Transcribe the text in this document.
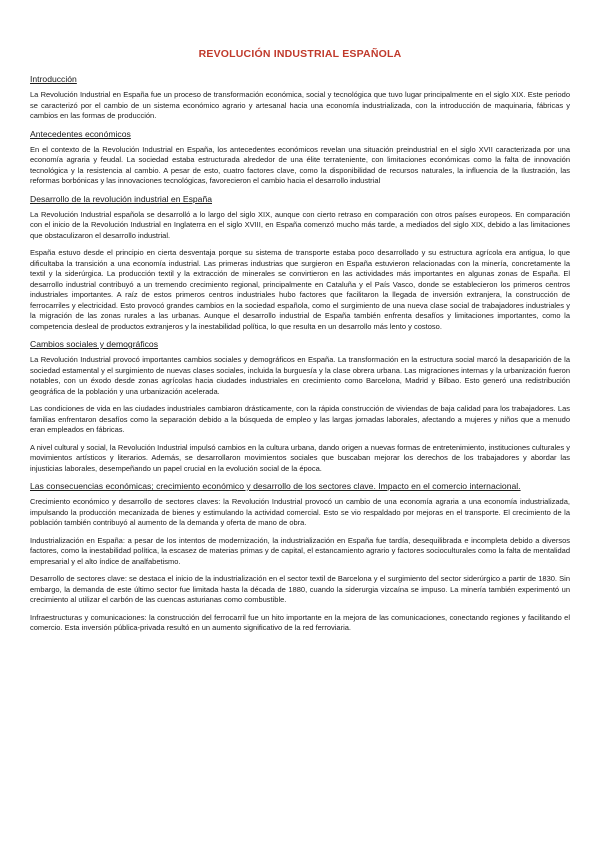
REVOLUCIÓN INDUSTRIAL ESPAÑOLA
Introducción

La Revolución Industrial en España fue un proceso de transformación económica, social y tecnológica que tuvo lugar principalmente en el siglo XIX. Este periodo se caracterizó por el cambio de un sistema económico agrario y artesanal hacia una economía industrializada, con la introducción de maquinaria, fábricas y cambios en las formas de producción.

Antecedentes económicos

En el contexto de la Revolución Industrial en España, los antecedentes económicos revelan una situación preindustrial en el siglo XVII caracterizada por una economía agraria y feudal. La sociedad estaba estructurada alrededor de una élite terrateniente, con limitaciones económicas como la falta de innovación tecnológica y la resistencia al cambio. A pesar de esto, cuatro factores clave, como la disponibilidad de recursos naturales, la influencia de la Ilustración, las reformas borbónicas y las innovaciones tecnológicas, favorecieron el cambio hacia el desarrollo industrial

Desarrollo de la revolución industrial en España

La Revolución Industrial española se desarrolló a lo largo del siglo XIX, aunque con cierto retraso en comparación con otros países europeos. En comparación con el inicio de la Revolución Industrial en Inglaterra en el siglo XVIII, en España comenzó mucho más tarde, a mediados del siglo XIX, debido a las limitaciones que obstaculizaron el desarrollo industrial.

España estuvo desde el principio en cierta desventaja porque su sistema de transporte estaba poco desarrollado y su estructura agrícola era antigua, lo que dificultaba la transición a una economía industrial. Las primeras industrias que surgieron en España estuvieron relacionadas con la minería, concretamente la textil y la siderúrgica. La producción textil y la extracción de minerales se convirtieron en las actividades más importantes en algunas zonas de España. El desarrollo industrial contribuyó a un tremendo crecimiento regional, principalmente en Cataluña y el País Vasco, donde se establecieron los primeros centros industriales importantes. A raíz de estos primeros centros industriales hubo factores que facilitaron la llegada de inversión extranjera, la construcción de ferrocarriles y electricidad. Esto provocó grandes cambios en la sociedad española, como el surgimiento de una nueva clase social de trabajadores industriales y la migración de las zonas rurales a las urbanas. Aunque el desarrollo industrial de España también enfrenta desafíos y limitaciones importantes, como la competencia desleal de productos extranjeros y la inestabilidad política, lo que resulta en un desarrollo más lento y costoso.

Cambios sociales y demográficos

La Revolución Industrial provocó importantes cambios sociales y demográficos en España. La transformación en la estructura social marcó la desaparición de la sociedad estamental y el surgimiento de nuevas clases sociales, incluida la burguesía y la clase obrera urbana. Las migraciones internas y la urbanización fueron notables, con un éxodo desde zonas agrícolas hacia ciudades industriales en crecimiento como Barcelona, Madrid y Bilbao. Esto generó una redistribución geográfica de la población y una urbanización acelerada.

Las condiciones de vida en las ciudades industriales cambiaron drásticamente, con la rápida construcción de viviendas de baja calidad para los trabajadores. Las familias enfrentaron desafíos como la separación debido a la búsqueda de empleo y las largas jornadas laborales, afectando a mujeres y niños que a menudo eran empleados en fábricas.

A nivel cultural y social, la Revolución Industrial impulsó cambios en la cultura urbana, dando origen a nuevas formas de entretenimiento, instituciones culturales y movimientos artísticos y literarios. Además, se desarrollaron movimientos sociales que buscaban mejorar los derechos de los trabajadores y abordar las injusticias laborales, desempeñando un papel crucial en la evolución social de la época.

Las consecuencias económicas; crecimiento económico y desarrollo de los sectores clave. Impacto en el comercio internacional.

Crecimiento económico y desarrollo de sectores claves: la Revolución Industrial provocó un cambio de una economía agraria a una economía industrializada, impulsando la producción mecanizada de bienes y estimulando la actividad comercial. Esto se vio respaldado por mejoras en el transporte. El crecimiento de la población también contribuyó al aumento de la demanda y oferta de mano de obra.

Industrialización en España: a pesar de los intentos de modernización, la industrialización en España fue tardía, desequilibrada e incompleta debido a diversos factores, como la inestabilidad política, la escasez de materias primas y de capital, el estancamiento agrario y factores socioculturales como la falta de mentalidad empresarial y el alto índice de analfabetismo.

Desarrollo de sectores clave: se destaca el inicio de la industrialización en el sector textil de Barcelona y el surgimiento del sector siderúrgico a partir de 1830. Sin embargo, la demanda de este último sector fue limitada hasta la década de 1880, cuando la siderurgia vizcaína se impuso. La minería también experimentó un crecimiento al utilizar el carbón de las cuencas asturianas como combustible.

Infraestructuras y comunicaciones: la construcción del ferrocarril fue un hito importante en la mejora de las comunicaciones, conectando regiones y facilitando el comercio. Esta inversión pública-privada resultó en un aumento significativo de la red ferroviaria.
